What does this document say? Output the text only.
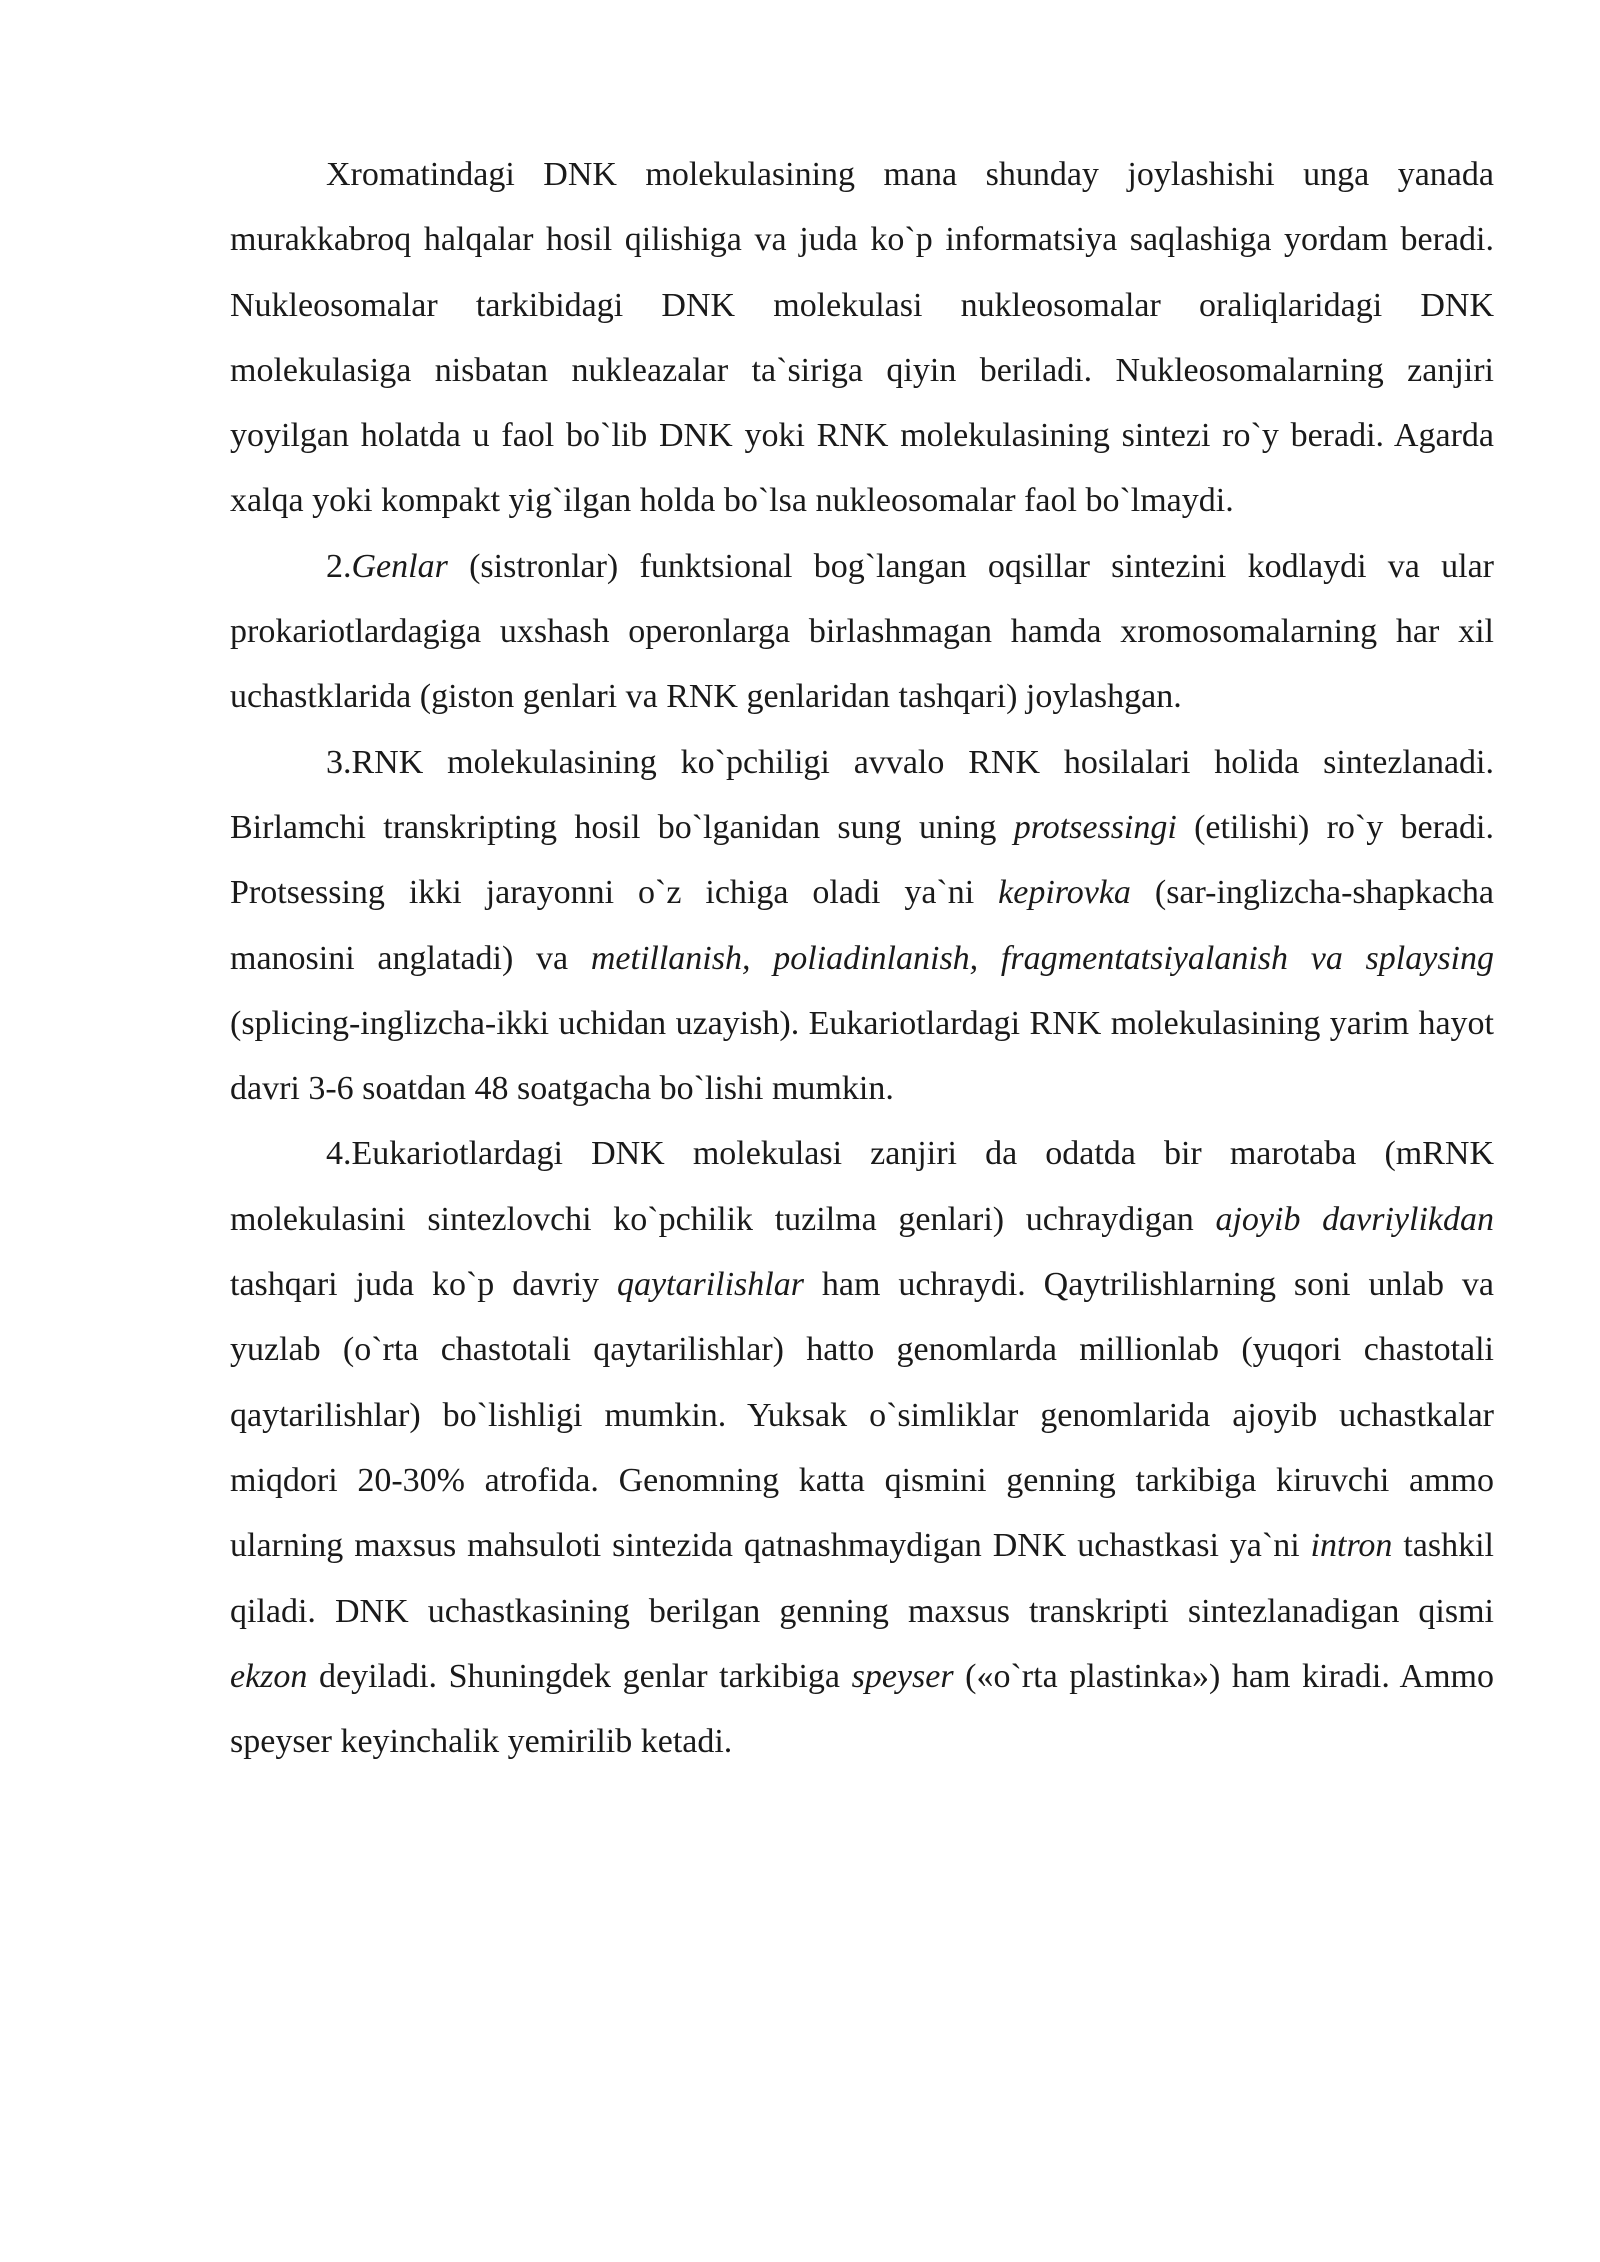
Xromatindagi DNK molekulasining mana shunday joylashishi unga yanada murakkabroq halqalar hosil qilishiga va juda ko`p informatsiya saqlashiga yordam beradi. Nukleosomalar tarkibidagi DNK molekulasi nukleosomalar oraliqlaridagi DNK molekulasiga nisbatan nukleazalar ta`siriga qiyin beriladi. Nukleosomalarning zanjiri yoyilgan holatda u faol bo`lib DNK yoki RNK molekulasining sintezi ro`y beradi. Agarda xalqa yoki kompakt yig`ilgan holda bo`lsa nukleosomalar faol bo`lmaydi.

2.Genlar (sistronlar) funktsional bog`langan oqsillar sintezini kodlaydi va ular prokariotlardagiga uxshash operonlarga birlashmagan hamda xromosomalarning har xil uchastklarida (giston genlari va RNK genlaridan tashqari) joylashgan.

3.RNK molekulasining ko`pchiligi avvalo RNK hosilalari holida sintezlanadi. Birlamchi transkripting hosil bo`lganidan sung uning protsessingi (etilishi) ro`y beradi. Protsessing ikki jarayonni o`z ichiga oladi ya`ni kepirovka (sar-inglizcha-shapkacha manosini anglatadi) va metillanish, poliadinlanish, fragmentatsiyalanish va splaysing (splicing-inglizcha-ikki uchidan uzayish). Eukariotlardagi RNK molekulasining yarim hayot davri 3-6 soatdan 48 soatgacha bo`lishi mumkin.

4.Eukariotlardagi DNK molekulasi zanjiri da odatda bir marotaba (mRNK molekulasini sintezlovchi ko`pchilik tuzilma genlari) uchraydigan ajoyib davriylikdan tashqari juda ko`p davriy qaytarilishlar ham uchraydi. Qaytrilishlarning soni unlab va yuzlab (o`rta chastotali qaytarilishlar) hatto genomlarda millionlab (yuqori chastotali qaytarilishlar) bo`lishligi mumkin. Yuksak o`simliklar genomlarida ajoyib uchastkalar miqdori 20-30% atrofida. Genomning katta qismini genning tarkibiga kiruvchi ammo ularning maxsus mahsuloti sintezida qatnashmaydigan DNK uchastkasi ya`ni intron tashkil qiladi. DNK uchastkasining berilgan genning maxsus transkripti sintezlanadigan qismi ekzon deyiladi. Shuningdek genlar tarkibiga speyser («o`rta plastinka») ham kiradi. Ammo speyser keyinchalik yemirilib ketadi.
